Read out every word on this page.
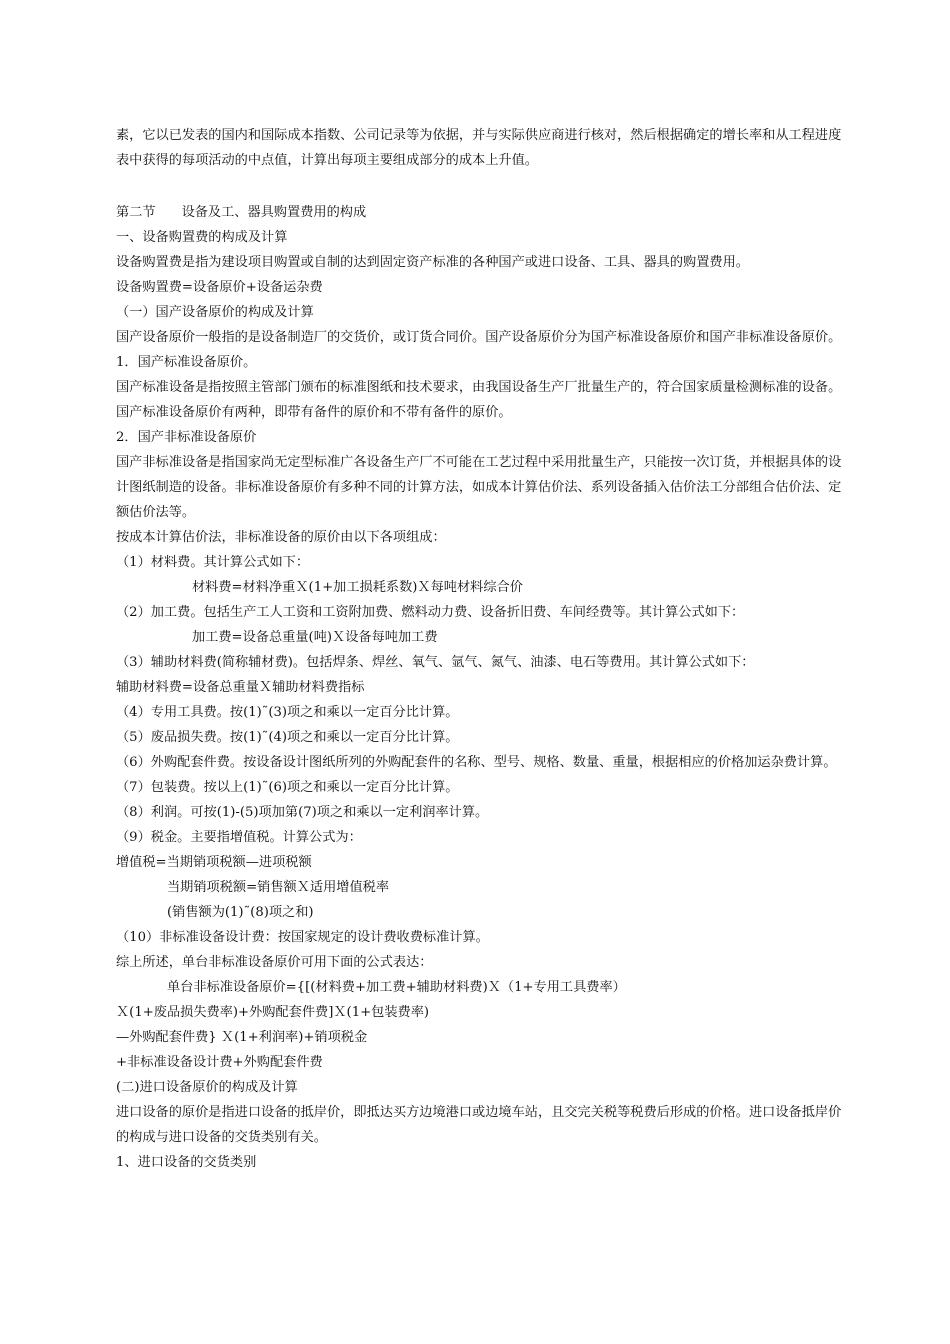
素，它以已发表的国内和国际成本指数、公司记录等为依据，并与实际供应商进行核对，然后根据确定的增长率和从工程进度表中获得的每项活动的中点值，计算出每项主要组成部分的成本上升值。
第二节 设备及工、器具购置费用的构成
一、设备购置费的构成及计算
设备购置费是指为建设项目购置或自制的达到固定资产标准的各种国产或进口设备、工具、器具的购置费用。
设备购置费=设备原价+设备运杂费
（一）国产设备原价的构成及计算
国产设备原价一般指的是设备制造厂的交货价，或订货合同价。国产设备原价分为国产标准设备原价和国产非标准设备原价。
1．国产标准设备原价。
国产标准设备是指按照主管部门颁布的标准图纸和技术要求，由我国设备生产厂批量生产的，符合国家质量检测标准的设备。国产标准设备原价有两种，即带有备件的原价和不带有备件的原价。
2．国产非标准设备原价
国产非标准设备是指国家尚无定型标准广各设备生产厂不可能在工艺过程中采用批量生产，只能按一次订货，并根据具体的设计图纸制造的设备。非标准设备原价有多种不同的计算方法，如成本计算估价法、系列设备插入估价法工分部组合估价法、定额估价法等。
按成本计算估价法，非标准设备的原价由以下各项组成：
（1）材料费。其计算公式如下：
材料费=材料净重Ｘ(1+加工损耗系数)Ｘ每吨材料综合价
（2）加工费。包括生产工人工资和工资附加费、燃料动力费、设备折旧费、车间经费等。其计算公式如下：
加工费=设备总重量(吨)Ｘ设备每吨加工费
（3）辅助材料费(简称辅材费)。包括焊条、焊丝、氧气、氩气、氮气、油漆、电石等费用。其计算公式如下：
辅助材料费=设备总重量Ｘ辅助材料费指标
（4）专用工具费。按(1)˜(3)项之和乘以一定百分比计算。
（5）废品损失费。按(1)˜(4)项之和乘以一定百分比计算。
（6）外购配套件费。按设备设计图纸所列的外购配套件的名称、型号、规格、数量、重量，根据相应的价格加运杂费计算。
（7）包装费。按以上(1)˜(6)项之和乘以一定百分比计算。
（8）利润。可按(1)-(5)项加第(7)项之和乘以一定利润率计算。
（9）税金。主要指增值税。计算公式为：
增值税=当期销项税额—进项税额
当期销项税额=销售额Ｘ适用增值税率
(销售额为(1)˜(8)项之和)
（10）非标准设备设计费：按国家规定的设计费收费标准计算。
综上所述，单台非标准设备原价可用下面的公式表达：
单台非标准设备原价={[(材料费+加工费+辅助材料费)Ｘ（1+专用工具费率）
Ｘ(1+废品损失费率)+外购配套件费]Ｘ(1+包装费率)
—外购配套件费} Ｘ(1+利润率)+销项税金
+非标准设备设计费+外购配套件费
(二)进口设备原价的构成及计算
进口设备的原价是指进口设备的抵岸价，即抵达买方边境港口或边境车站，且交完关税等税费后形成的价格。进口设备抵岸价的构成与进口设备的交货类别有关。
1、进口设备的交货类别
